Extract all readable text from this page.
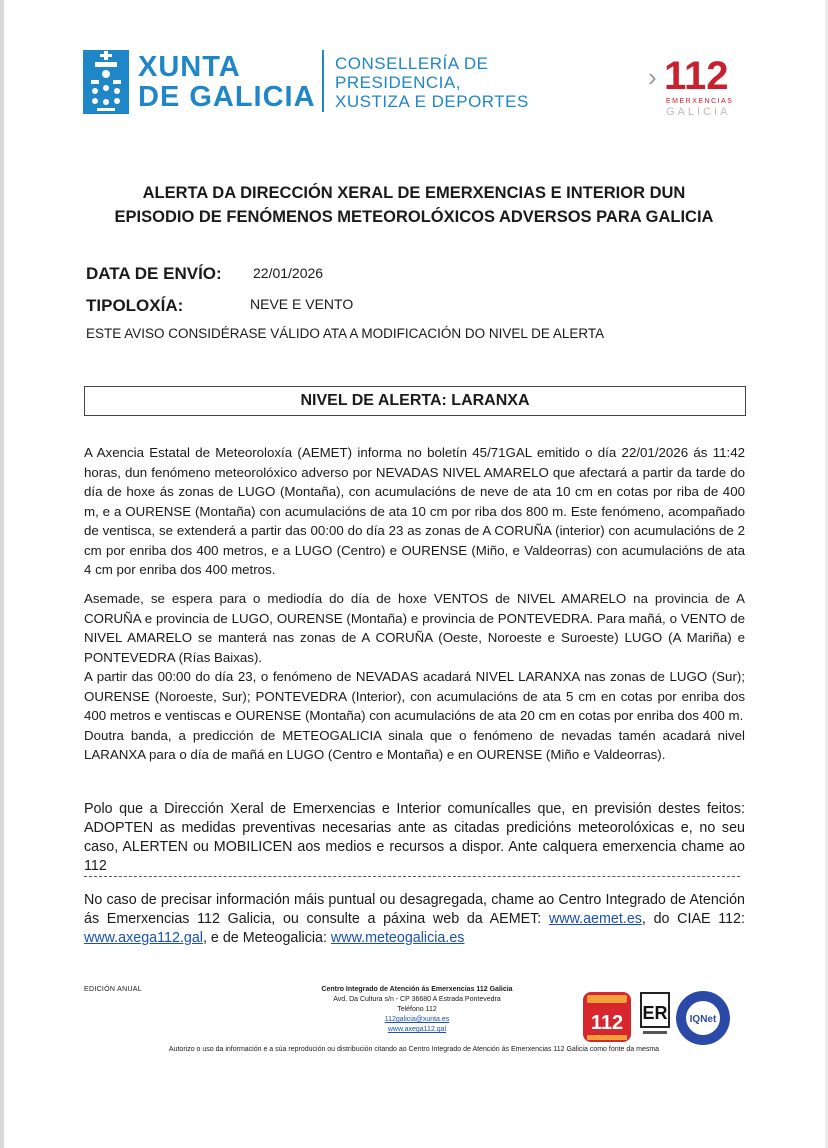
XUNTA
DE GALICIA
CONSELLERÍA DE
PRESIDENCIA,
XUSTIZA E DEPORTES
› 112
EMERXENCIAS
GALICIA
ALERTA DA DIRECCIÓN XERAL DE EMERXENCIAS E INTERIOR DUN
EPISODIO DE FENÓMENOS METEOROLÓXICOS ADVERSOS PARA GALICIA
DATA DE ENVÍO: 22/01/2026
TIPOLOXÍA:	NEVE E VENTO
ESTE AVISO CONSIDÉRASE VÁLIDO ATA A MODIFICACIÓN DO NIVEL DE ALERTA
NIVEL DE ALERTA: LARANXA

A Axencia Estatal de Meteoroloxía (AEMET) informa no boletín 45/71GAL emitido o día 22/01/2026 ás 11:42 horas, dun fenómeno meteorolóxico adverso por NEVADAS NIVEL AMARELO que afectará a partir da tarde do día de hoxe ás zonas de LUGO (Montaña), con acumulacións de neve de ata 10 cm en cotas por riba de 400 m, e a OURENSE (Montaña) con acumulacións de ata 10 cm por riba dos 800 m. Este fenómeno, acompañado de ventisca, se extenderá a partir das 00:00 do día 23 as zonas de A CORUÑA (interior) con acumulacións de 2 cm por enriba dos 400 metros, e a LUGO (Centro) e OURENSE (Miño, e Valdeorras) con acumulacións de ata 4 cm por enriba dos 400 metros.

Asemade, se espera para o mediodía do día de hoxe VENTOS de NIVEL AMARELO na provincia de A CORUÑA e provincia de LUGO, OURENSE (Montaña) e provincia de PONTEVEDRA. Para mañá, o VENTO de NIVEL AMARELO se manterá nas zonas de A CORUÑA (Oeste, Noroeste e Suroeste) LUGO (A Mariña) e PONTEVEDRA (Rías Baixas).

A partir das 00:00 do día 23, o fenómeno de NEVADAS acadará NIVEL LARANXA nas zonas de LUGO (Sur); OURENSE (Noroeste, Sur); PONTEVEDRA (Interior), con acumulacións de ata 5 cm en cotas por enriba dos 400 metros e ventiscas e OURENSE (Montaña) con acumulacións de ata 20 cm en cotas por enriba dos 400 m.

Doutra banda, a predicción de METEOGALICIA sinala que o fenómeno de nevadas tamén acadará nivel LARANXA para o día de mañá en LUGO (Centro e Montaña) e en OURENSE (Miño e Valdeorras).

Polo que a Dirección Xeral de Emerxencias e Interior comunícalles que, en previsión destes feitos: ADOPTEN as medidas preventivas necesarias ante as citadas predicións meteorolóxicas e, no seu caso, ALERTEN ou MOBILICEN aos medios e recursos a dispor. Ante calquera emerxencia chame ao 112

No caso de precisar información máis puntual ou desagregada, chame ao Centro Integrado de Atención ás Emerxencias 112 Galicia, ou consulte a páxina web da AEMET: www.aemet.es, do CIAE 112: www.axega112.gal, e de Meteogalicia: www.meteogalicia.es

EDICIÓN ANUAL	Centro Integrado de Atención ás Emerxencias 112 Galicia
Avd. Da Cultura s/n - CP 36680 A Estrada Pontevedra
Teléfono 112
112galicia@xunta.es
www.axega112.gal	112 ER IQNet
Autorizo o uso da información e a súa reprodución ou distribución citando ao Centro Integrado de Atención ás Emerxencias 112 Galicia como fonte da mesma
